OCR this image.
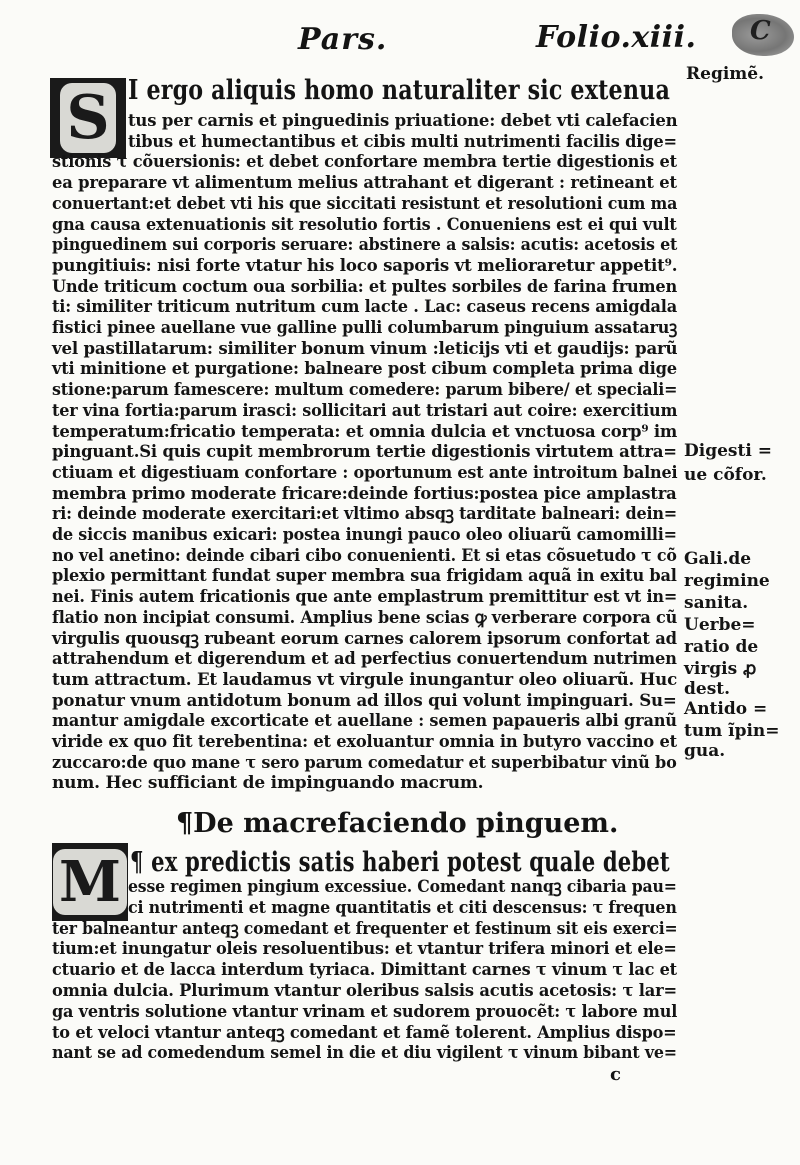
Pars.	Folio.xiii. C
S I ergo aliquis homo naturaliter sic extenua
tus per carnis et pinguedinis priuatione: debet vti calefacien
tibus et humectantibus et cibis multi nutrimenti facilis dige=
stionis τ cõuersionis: et debet confortare membra tertie digestionis et
ea preparare vt alimentum melius attrahant et digerant : retineant et
conuertant:et debet vti his que siccitati resistunt et resolutioni cum ma
gna causa extenuationis sit resolutio fortis . Conueniens est ei qui vult
pinguedinem sui corporis seruare: abstinere a salsis: acutis: acetosis et
pungitiuis: nisi forte vtatur his loco saporis vt melioraretur appetit⁹.
Unde triticum coctum oua sorbilia: et pultes sorbiles de farina frumen
ti: similiter triticum nutritum cum lacte . Lac: caseus recens amigdala
fistici pinee auellane vue galline pulli columbarum pinguium assataruꝫ
vel pastillatarum: similiter bonum vinum :leticijs vti et gaudijs: parũ
vti minitione et purgatione: balneare post cibum completa prima dige
stione:parum famescere: multum comedere: parum bibere/ et speciali=
ter vina fortia:parum irasci: sollicitari aut tristari aut coire: exercitium
temperatum:fricatio temperata: et omnia dulcia et vnctuosa corp⁹ im
pinguant.Si quis cupit membrorum tertie digestionis virtutem attra=
ctiuam et digestiuam confortare : oportunum est ante introitum balnei
membra primo moderate fricare:deinde fortius:postea pice amplastra
ri: deinde moderate exercitari:et vltimo absqꝫ tarditate balneari: dein=
de siccis manibus exicari: postea inungi pauco oleo oliuarũ camomilli=
no vel anetino: deinde cibari cibo conuenienti. Et si etas cõsuetudo τ cõ
plexio permittant fundat super membra sua frigidam aquã in exitu bal
nei. Finis autem fricationis que ante emplastrum premittitur est vt in=
flatio non incipiat consumi. Amplius bene scias ꝙ verberare corpora cũ
virgulis quousqꝫ rubeant eorum carnes calorem ipsorum confortat ad
attrahendum et digerendum et ad perfectius conuertendum nutrimen
tum attractum. Et laudamus vt virgule inungantur oleo oliuarũ. Huc
ponatur vnum antidotum bonum ad illos qui volunt impinguari. Su=
mantur amigdale excorticate et auellane : semen papaueris albi granũ
viride ex quo fit terebentina: et exoluantur omnia in butyro vaccino et
zuccaro:de quo mane τ sero parum comedatur et superbibatur vinũ bo
num. Hec sufficiant de impinguando macrum.
Regimẽ.
Digesti =
ue cõfor.
Gali.de
regimine
sanita.
Uerbe=
ratio de
virgis ꝓ
dest.
Antido =
tum ĩpin=
gua.
¶De macrefaciendo pinguem.
M ¶ ex predictis satis haberi potest quale debet
esse regimen pingium excessiue. Comedant nanqꝫ cibaria pau=
ci nutrimenti et magne quantitatis et citi descensus: τ frequen
ter balneantur anteqꝫ comedant et frequenter et festinum sit eis exerci=
tium:et inungatur oleis resoluentibus: et vtantur trifera minori et ele=
ctuario et de lacca interdum tyriaca. Dimittant carnes τ vinum τ lac et
omnia dulcia. Plurimum vtantur oleribus salsis acutis acetosis: τ lar=
ga ventris solutione vtantur vrinam et sudorem prouocẽt: τ labore mul
to et veloci vtantur anteqꝫ comedant et famẽ tolerent. Amplius dispo=
nant se ad comedendum semel in die et diu vigilent τ vinum bibant ve=
c
